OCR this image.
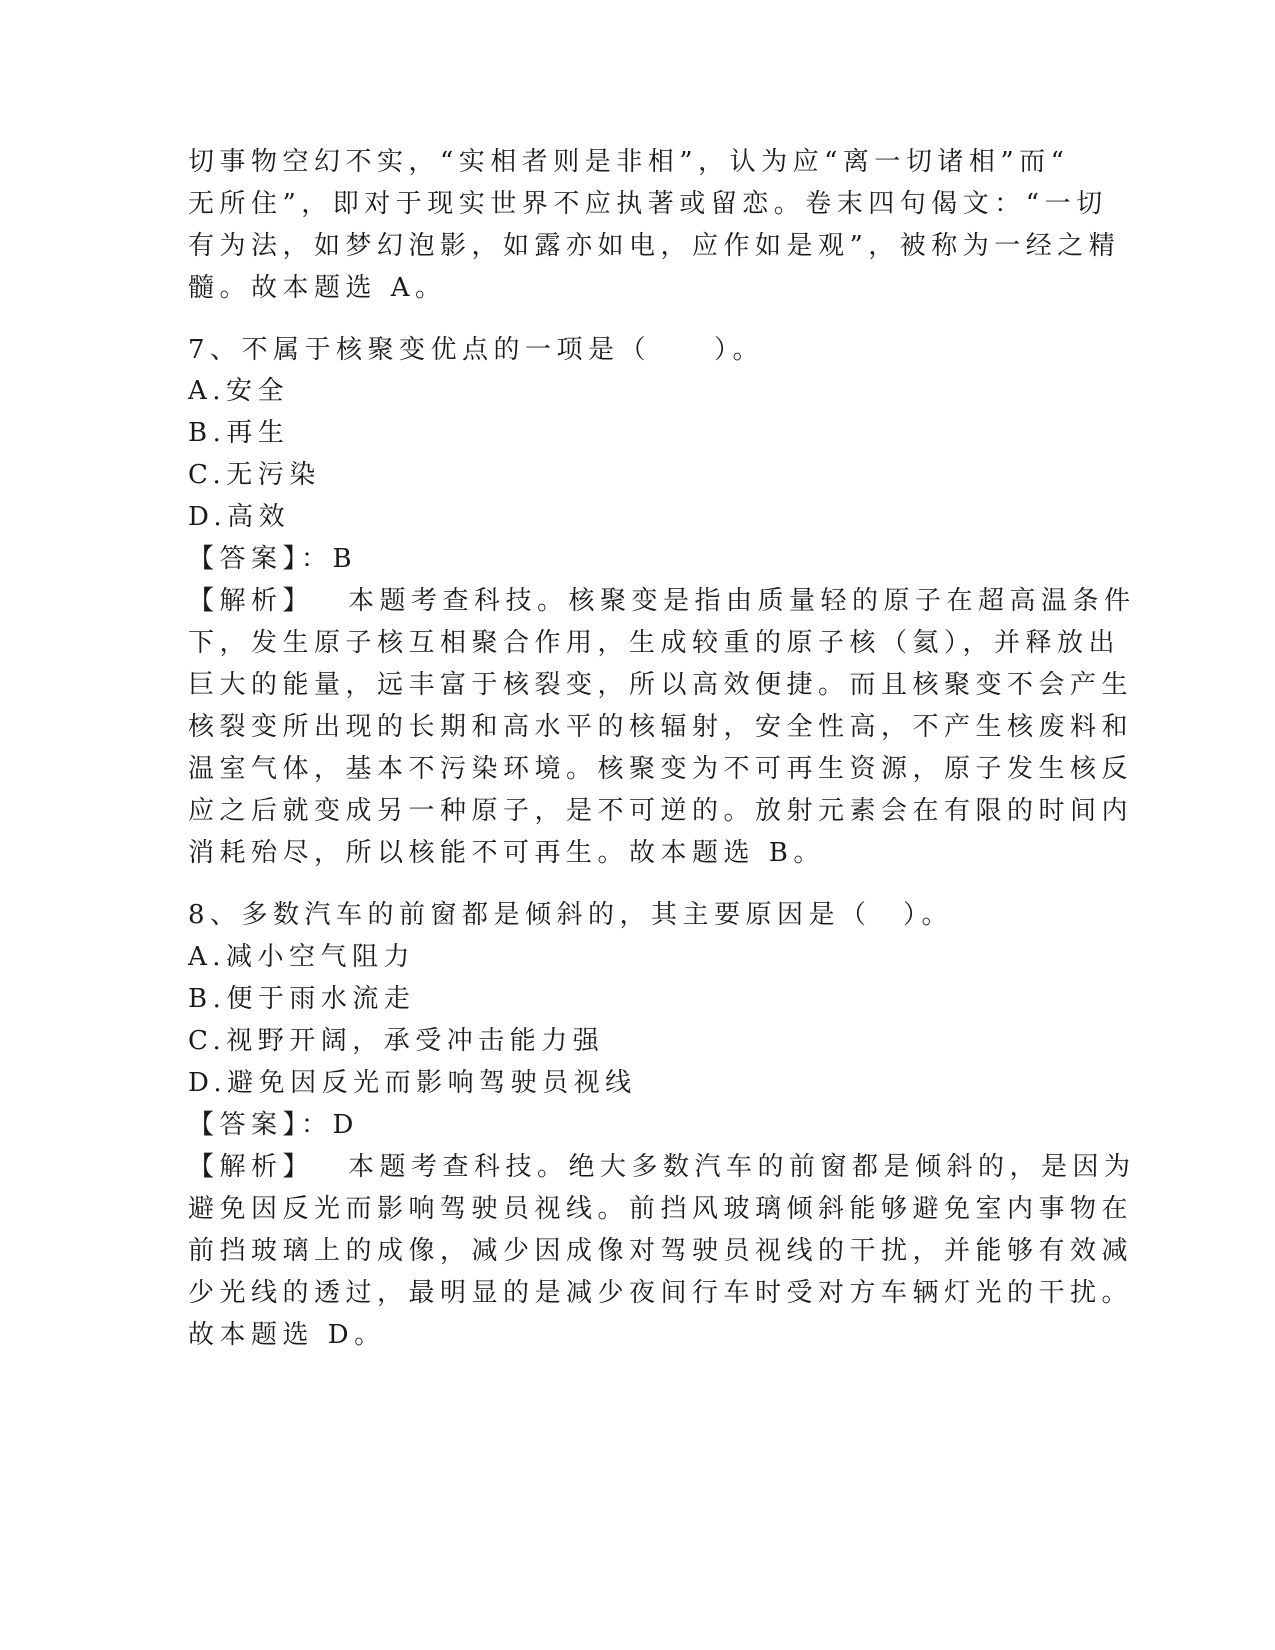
切事物空幻不实，“实相者则是非相”，认为应“离一切诸相”而“
无所住”，即对于现实世界不应执著或留恋。卷末四句偈文：“一切
有为法，如梦幻泡影，如露亦如电，应作如是观”，被称为一经之精
髓。故本题选 A。
7、不属于核聚变优点的一项是（　　）。
A.安全
B.再生
C.无污染
D.高效
【答案】：B
【解析】 本题考查科技。核聚变是指由质量轻的原子在超高温条件
下，发生原子核互相聚合作用，生成较重的原子核（氦），并释放出
巨大的能量，远丰富于核裂变，所以高效便捷。而且核聚变不会产生
核裂变所出现的长期和高水平的核辐射，安全性高，不产生核废料和
温室气体，基本不污染环境。核聚变为不可再生资源，原子发生核反
应之后就变成另一种原子，是不可逆的。放射元素会在有限的时间内
消耗殆尽，所以核能不可再生。故本题选 B。
8、多数汽车的前窗都是倾斜的，其主要原因是（　）。
A.减小空气阻力
B.便于雨水流走
C.视野开阔，承受冲击能力强
D.避免因反光而影响驾驶员视线
【答案】：D
【解析】 本题考查科技。绝大多数汽车的前窗都是倾斜的，是因为
避免因反光而影响驾驶员视线。前挡风玻璃倾斜能够避免室内事物在
前挡玻璃上的成像，减少因成像对驾驶员视线的干扰，并能够有效减
少光线的透过，最明显的是减少夜间行车时受对方车辆灯光的干扰。
故本题选 D。
